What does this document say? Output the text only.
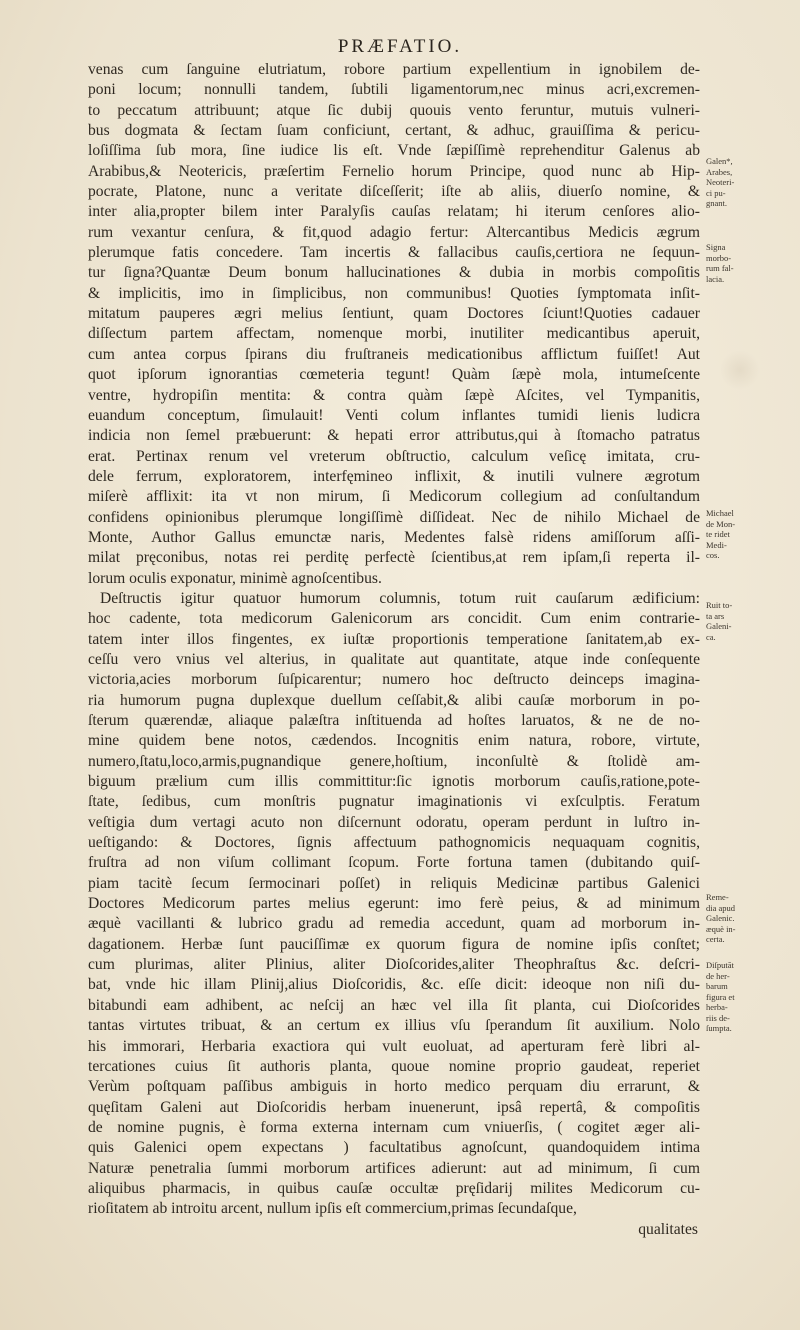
PRÆFATIO.
venas cum ſanguine elutriatum, robore partium expellentium in ignobilem de-
poni locum; nonnulli tandem, ſubtili ligamentorum,nec minus acri,excremen-
to peccatum attribuunt; atque ſic dubij quouis vento feruntur, mutuis vulneri-
bus dogmata & ſectam ſuam conficiunt, certant, & adhuc, grauiſſima & pericu-
loſiſſima ſub mora, ſine iudice lis eſt. Vnde ſæpiſſimè reprehenditur Galenus ab
Arabibus,& Neotericis, præſertim Fernelio horum Principe, quod nunc ab Hip-
pocrate, Platone, nunc a veritate diſceſſerit; iſte ab aliis, diuerſo nomine, &
inter alia,propter bilem inter Paralyſis cauſas relatam; hi iterum cenſores alio-
rum vexantur cenſura, & fit,quod adagio fertur: Altercantibus Medicis ægrum
plerumque fatis concedere. Tam incertis & fallacibus cauſis,certiora ne ſequun-
tur ſigna?Quantæ Deum bonum hallucinationes & dubia in morbis compoſitis
& implicitis, imo in ſimplicibus, non communibus! Quoties ſymptomata inſit-
mitatum pauperes ægri melius ſentiunt, quam Doctores ſciunt!Quoties cadauer
diſſectum partem affectam, nomenque morbi, inutiliter medicantibus aperuit,
cum antea corpus ſpirans diu fruſtraneis medicationibus afflictum fuiſſet! Aut
quot ipſorum ignorantias cœmeteria tegunt! Quàm ſæpè mola, intumeſcente
ventre, hydropiſin mentita: & contra quàm ſæpè Aſcites, vel Tympanitis,
euandum conceptum, ſimulauit! Venti colum inflantes tumidi lienis ludicra
indicia non ſemel præbuerunt: & hepati error attributus,qui à ſtomacho patratus
erat. Pertinax renum vel vreterum obſtructio, calculum veſicę imitata, cru-
dele ferrum, exploratorem, interfęmineo inflixit, & inutili vulnere ægrotum
miſerè afflixit: ita vt non mirum, ſi Medicorum collegium ad conſultandum
confidens opinionibus plerumque longiſſimè diſſideat. Nec de nihilo Michael de
Monte, Author Gallus emunctæ naris, Medentes falsè ridens amiſſorum aſſi-
milat pręconibus, notas rei perditę perfectè ſcientibus,at rem ipſam,ſi reperta il-
lorum oculis exponatur, minimè agnoſcentibus.
Deſtructis igitur quatuor humorum columnis, totum ruit cauſarum ædificium:
hoc cadente, tota medicorum Galenicorum ars concidit. Cum enim contrarie-
tatem inter illos fingentes, ex iuſtæ proportionis temperatione ſanitatem,ab ex-
ceſſu vero vnius vel alterius, in qualitate aut quantitate, atque inde conſequente
victoria,acies morborum ſuſpicarentur; numero hoc deſtructo deinceps imagina-
ria humorum pugna duplexque duellum ceſſabit,& alibi cauſæ morborum in po-
ſterum quærendæ, aliaque palæſtra inſtituenda ad hoſtes laruatos, & ne de no-
mine quidem bene notos, cædendos. Incognitis enim natura, robore, virtute,
numero,ſtatu,loco,armis,pugnandique genere,hoſtium, inconſultè & ſtolidè am-
biguum prælium cum illis committitur:ſic ignotis morborum cauſis,ratione,pote-
ſtate, ſedibus, cum monſtris pugnatur imaginationis vi exſculptis. Feratum
veſtigia dum vertagi acuto non diſcernunt odoratu, operam perdunt in luſtro in-
ueſtigando: & Doctores, ſignis affectuum pathognomicis nequaquam cognitis,
fruſtra ad non viſum collimant ſcopum. Forte fortuna tamen (dubitando quiſ-
piam tacitè ſecum ſermocinari poſſet) in reliquis Medicinæ partibus Galenici
Doctores Medicorum partes melius egerunt: imo ferè peius, & ad minimum
æquè vacillanti & lubrico gradu ad remedia accedunt, quam ad morborum in-
dagationem. Herbæ ſunt pauciſſimæ ex quorum figura de nomine ipſis conſtet;
cum plurimas, aliter Plinius, aliter Dioſcorides,aliter Theophraſtus &c. deſcri-
bat, vnde hic illam Plinij,alius Dioſcoridis, &c. eſſe dicit: ideoque non niſi du-
bitabundi eam adhibent, ac neſcij an hæc vel illa ſit planta, cui Dioſcorides
tantas virtutes tribuat, & an certum ex illius vſu ſperandum ſit auxilium. Nolo
his immorari, Herbaria exactiora qui vult euoluat, ad aperturam ferè libri al-
tercationes cuius ſit authoris planta, quoue nomine proprio gaudeat, reperiet
Verùm poſtquam paſſibus ambiguis in horto medico perquam diu errarunt, &
quęſitam Galeni aut Dioſcoridis herbam inuenerunt, ipsâ repertâ, & compoſitis
de nomine pugnis, è forma externa internam cum vniuerſis, ( cogitet æger ali-
quis Galenici opem expectans ) facultatibus agnoſcunt, quandoquidem intima
Naturæ penetralia ſummi morborum artifices adierunt: aut ad minimum, ſi cum
aliquibus pharmacis, in quibus cauſæ occultæ pręſidarij milites Medicorum cu-
rioſitatem ab introitu arcent, nullum ipſis eſt commercium,primas ſecundaſque,
qualitates
Galen*,
Arabes,
Neoteri-
ci pu-
gnant.
Signa
morbo-
rum fal-
lacia.
Michael
de Mon-
te ridet
Medi-
cos.
Ruit to-
ta ars
Galeni-
ca.
Reme-
dia apud
Galenic.
æquè in-
certa.
Diſputāt
de her-
barum
figura et
herba-
riis de-
ſumpta.
